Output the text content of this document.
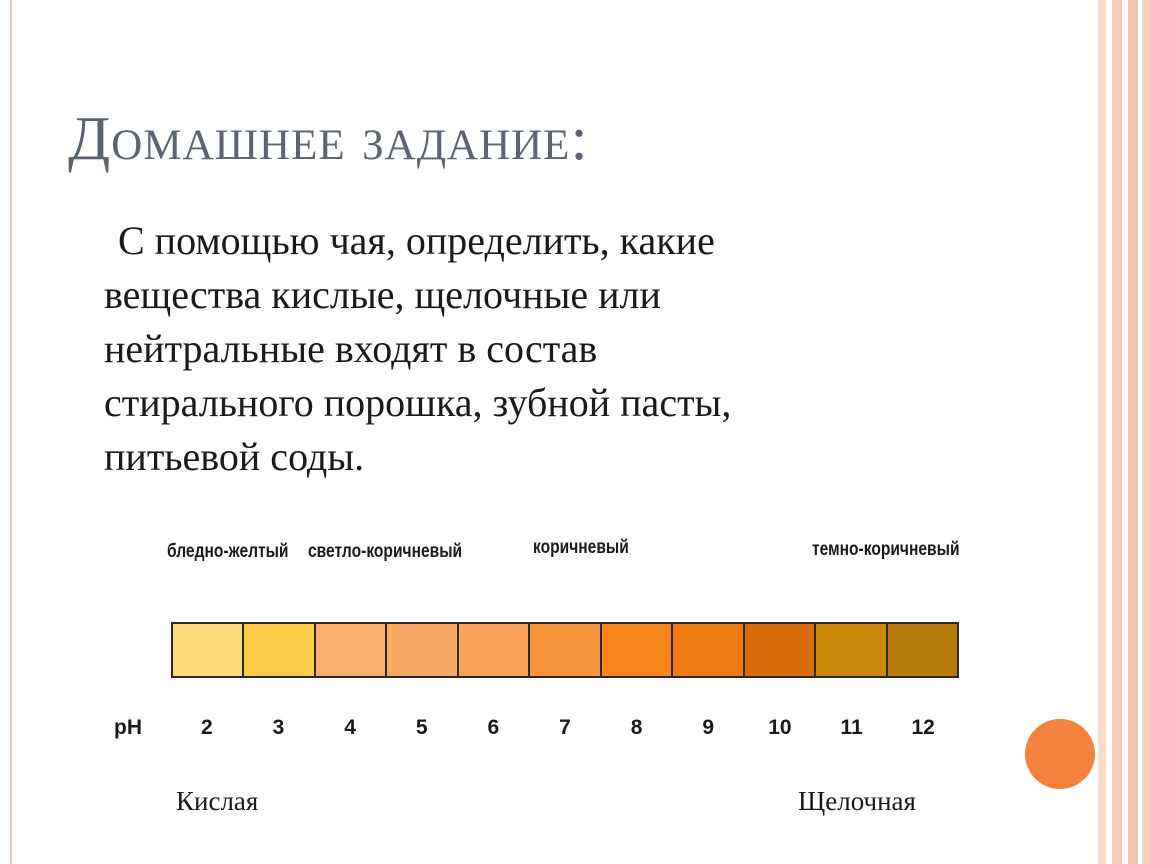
Домашнее задание:
С помощью чая, определить, какие
вещества кислые, щелочные или
нейтральные входят в состав
стирального порошка, зубной пасты,
питьевой соды.
бледно-желтый светло-коричневый	коричневый	темно-коричневый
pH	2	3	4	5	6	7	8	9	10	11	12
Кислая	Щелочная
